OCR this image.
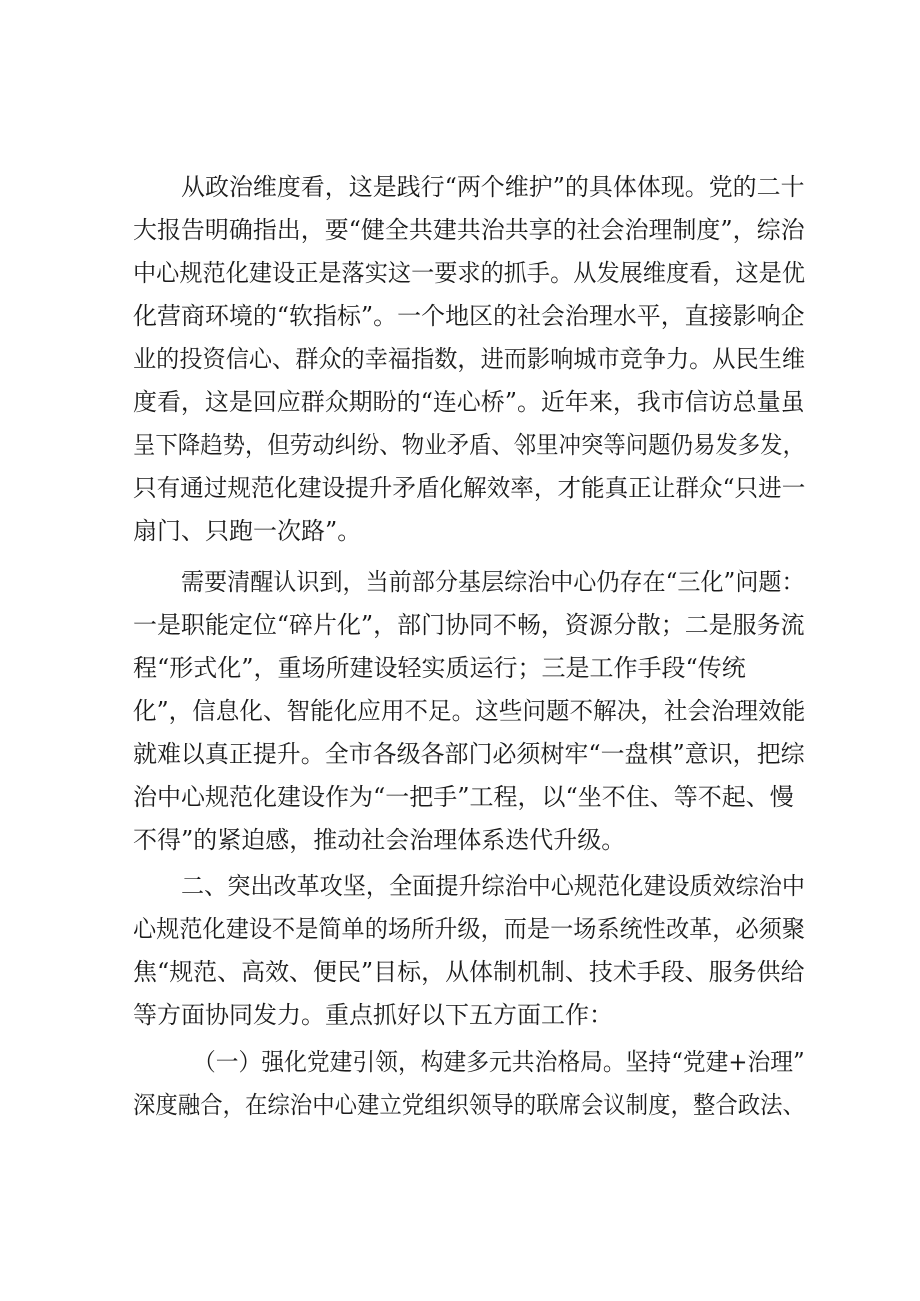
从政治维度看，这是践行“两个维护”的具体体现。党的二十
大报告明确指出，要“健全共建共治共享的社会治理制度”，综治
中心规范化建设正是落实这一要求的抓手。从发展维度看，这是优
化营商环境的“软指标”。一个地区的社会治理水平，直接影响企
业的投资信心、群众的幸福指数，进而影响城市竞争力。从民生维
度看，这是回应群众期盼的“连心桥”。近年来，我市信访总量虽
呈下降趋势，但劳动纠纷、物业矛盾、邻里冲突等问题仍易发多发，
只有通过规范化建设提升矛盾化解效率，才能真正让群众“只进一
扇门、只跑一次路”。
需要清醒认识到，当前部分基层综治中心仍存在“三化”问题：
一是职能定位“碎片化”，部门协同不畅，资源分散；二是服务流
程“形式化”，重场所建设轻实质运行；三是工作手段“传统
化”，信息化、智能化应用不足。这些问题不解决，社会治理效能
就难以真正提升。全市各级各部门必须树牢“一盘棋”意识，把综
治中心规范化建设作为“一把手”工程，以“坐不住、等不起、慢
不得”的紧迫感，推动社会治理体系迭代升级。
二、突出改革攻坚，全面提升综治中心规范化建设质效综治中
心规范化建设不是简单的场所升级，而是一场系统性改革，必须聚
焦“规范、高效、便民”目标，从体制机制、技术手段、服务供给
等方面协同发力。重点抓好以下五方面工作：
（一）强化党建引领，构建多元共治格局。坚持“党建+治理”
深度融合，在综治中心建立党组织领导的联席会议制度，整合政法、
